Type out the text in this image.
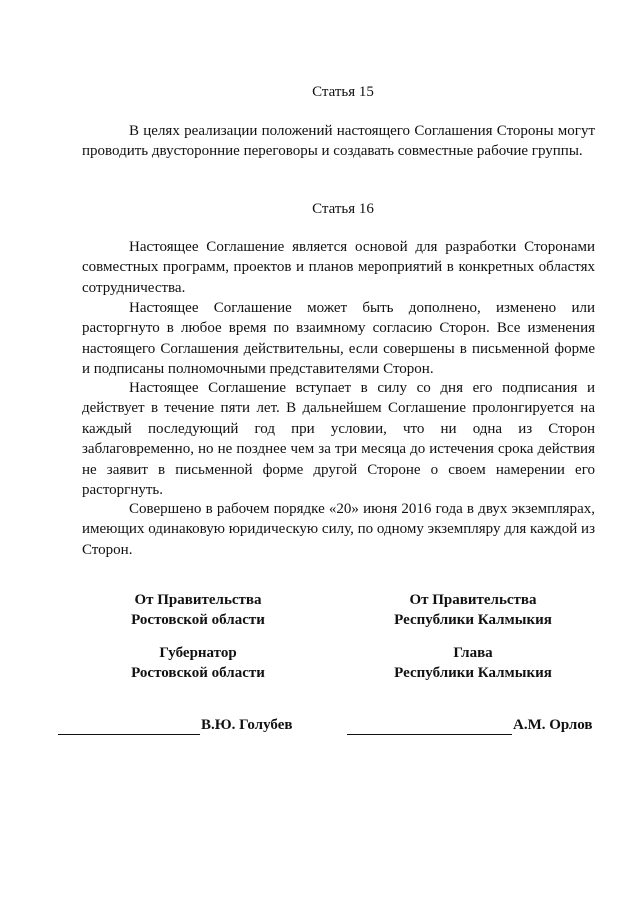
Статья 15

В целях реализации положений настоящего Соглашения Стороны могут проводить двусторонние переговоры и создавать совместные рабочие группы.

Статья 16

Настоящее Соглашение является основой для разработки Сторонами совместных программ, проектов и планов мероприятий в конкретных областях сотрудничества.

Настоящее Соглашение может быть дополнено, изменено или расторгнуто в любое время по взаимному согласию Сторон. Все изменения настоящего Соглашения действительны, если совершены в письменной форме и подписаны полномочными представителями Сторон.

Настоящее Соглашение вступает в силу со дня его подписания и действует в течение пяти лет. В дальнейшем Соглашение пролонгируется на каждый последующий год при условии, что ни одна из Сторон заблаговременно, но не позднее чем за три месяца до истечения срока действия не заявит в письменной форме другой Стороне о своем намерении его расторгнуть.

Совершено в рабочем порядке «20» июня 2016 года в двух экземплярах, имеющих одинаковую юридическую силу, по одному экземпляру для каждой из Сторон.

От Правительства
Ростовской области
Губернатор
Ростовской области
От Правительства
Республики Калмыкия
Глава
Республики Калмыкия
В.Ю. Голубев	А.М. Орлов
